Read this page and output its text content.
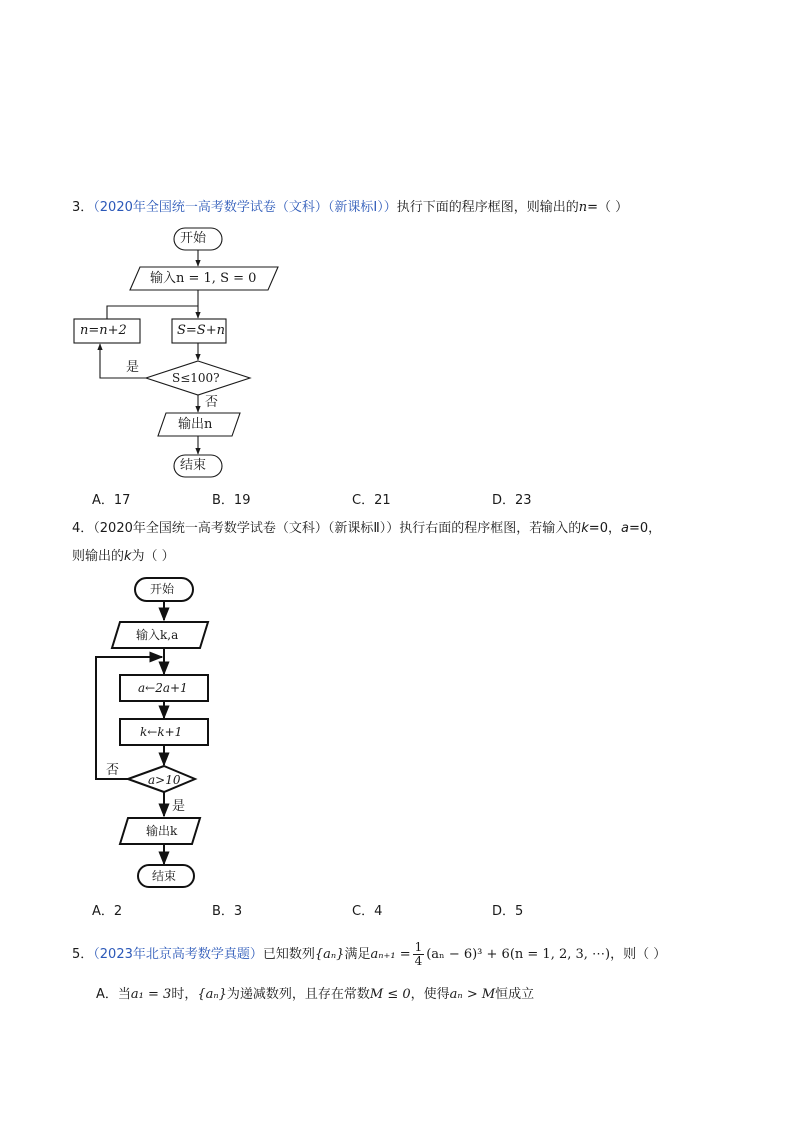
3．（2020年全国统一高考数学试卷（文科）（新课标Ⅰ））执行下面的程序框图，则输出的n=（ ）
开始
输入n = 1, S = 0
S=S+n
n=n+2
S≤100?
是
否
输出n
结束
A．17	B．19	C．21	D．23
4．（2020年全国统一高考数学试卷（文科）（新课标Ⅱ））执行右面的程序框图，若输入的k=0，a=0，
则输出的k为（ ）
开始
输入k,a
a←2a+1
k←k+1
a>10
否
是
输出k
结束
A．2	B．3	C．4	D．5
5．（2023年北京高考数学真题）已知数列{aₙ}满足$a_{n+1} = \frac{1}{4} (a_n - 6)^3 + 6(n = 1$, 2, 3, ⋯)，则（ ）
A．当a₁ = 3时，{aₙ}为递减数列，且存在常数M ≤ 0，使得aₙ > M恒成立
